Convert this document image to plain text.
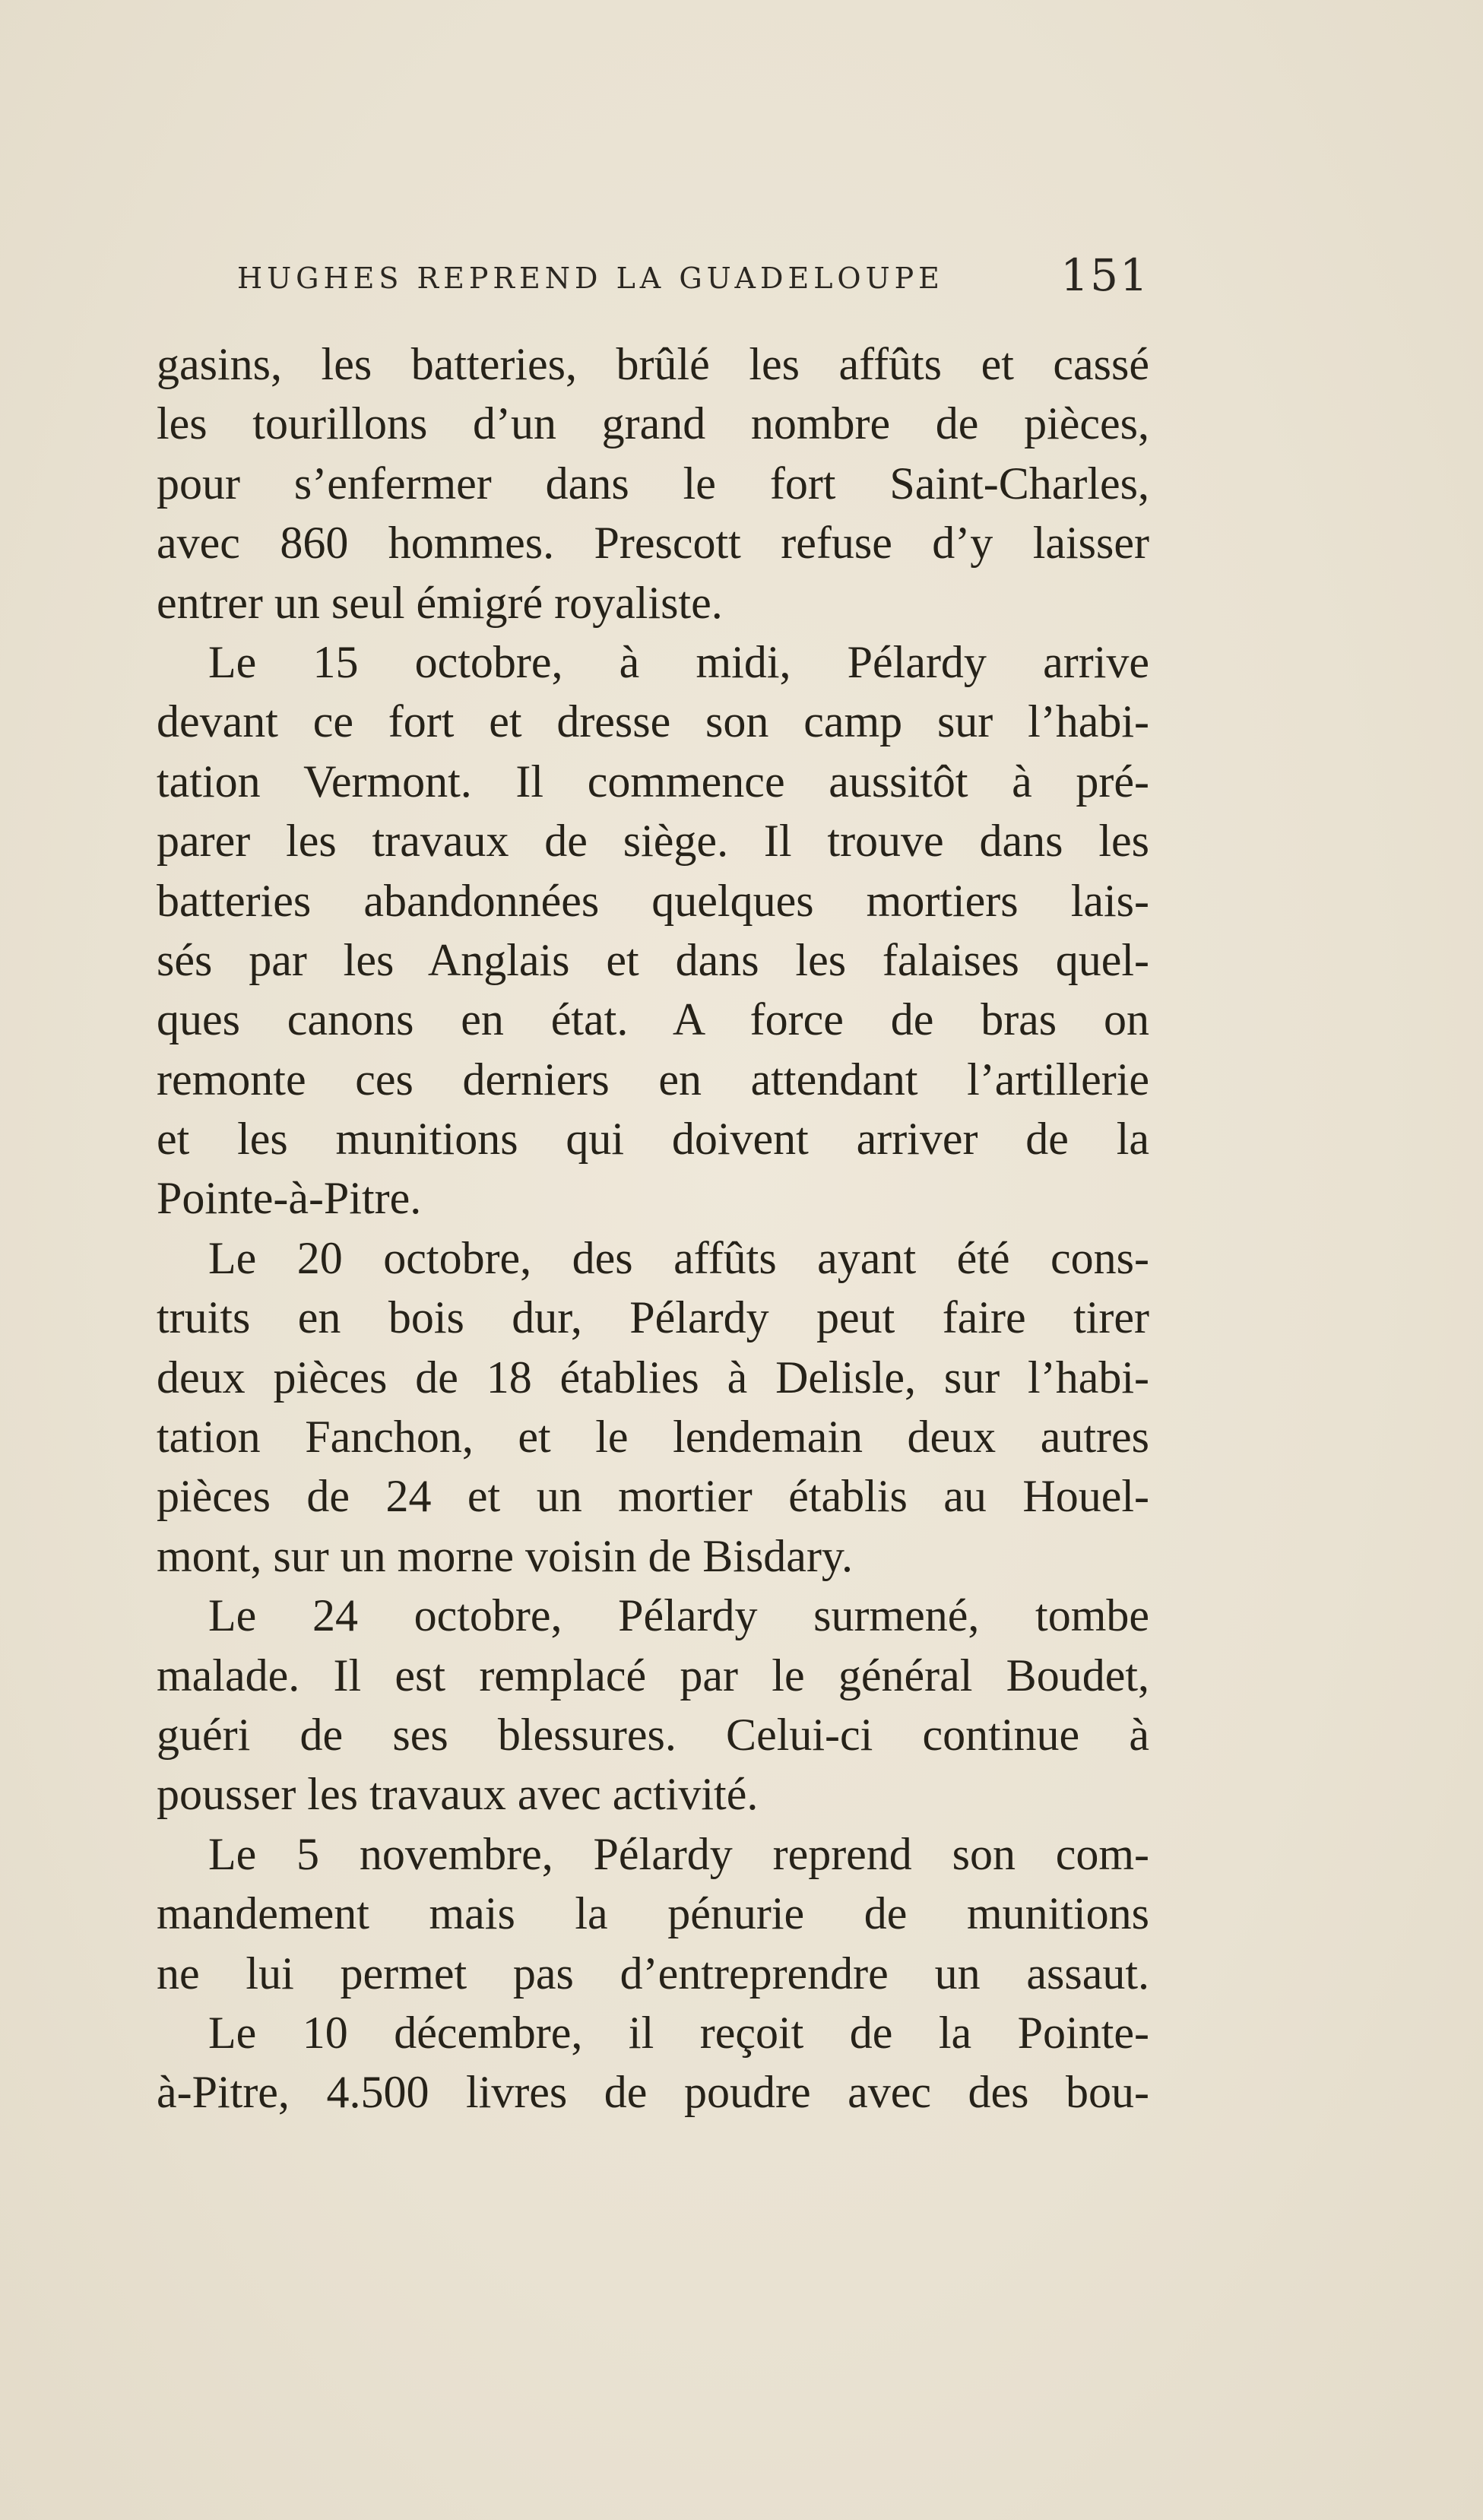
HUGHES REPREND LA GUADELOUPE	151
gasins, les batteries, brûlé les affûts et cassé
les tourillons d’un grand nombre de pièces,
pour s’enfermer dans le fort Saint-Charles,
avec 860 hommes. Prescott refuse d’y laisser
entrer un seul émigré royaliste.
Le 15 octobre, à midi, Pélardy arrive
devant ce fort et dresse son camp sur l’habi-
tation Vermont. Il commence aussitôt à pré-
parer les travaux de siège. Il trouve dans les
batteries abandonnées quelques mortiers lais-
sés par les Anglais et dans les falaises quel-
ques canons en état. A force de bras on
remonte ces derniers en attendant l’artillerie
et les munitions qui doivent arriver de la
Pointe-à-Pitre.
Le 20 octobre, des affûts ayant été cons-
truits en bois dur, Pélardy peut faire tirer
deux pièces de 18 établies à Delisle, sur l’habi-
tation Fanchon, et le lendemain deux autres
pièces de 24 et un mortier établis au Houel-
mont, sur un morne voisin de Bisdary.
Le 24 octobre, Pélardy surmené, tombe
malade. Il est remplacé par le général Boudet,
guéri de ses blessures. Celui-ci continue à
pousser les travaux avec activité.
Le 5 novembre, Pélardy reprend son com-
mandement mais la pénurie de munitions
ne lui permet pas d’entreprendre un assaut.
Le 10 décembre, il reçoit de la Pointe-
à-Pitre, 4.500 livres de poudre avec des bou-
